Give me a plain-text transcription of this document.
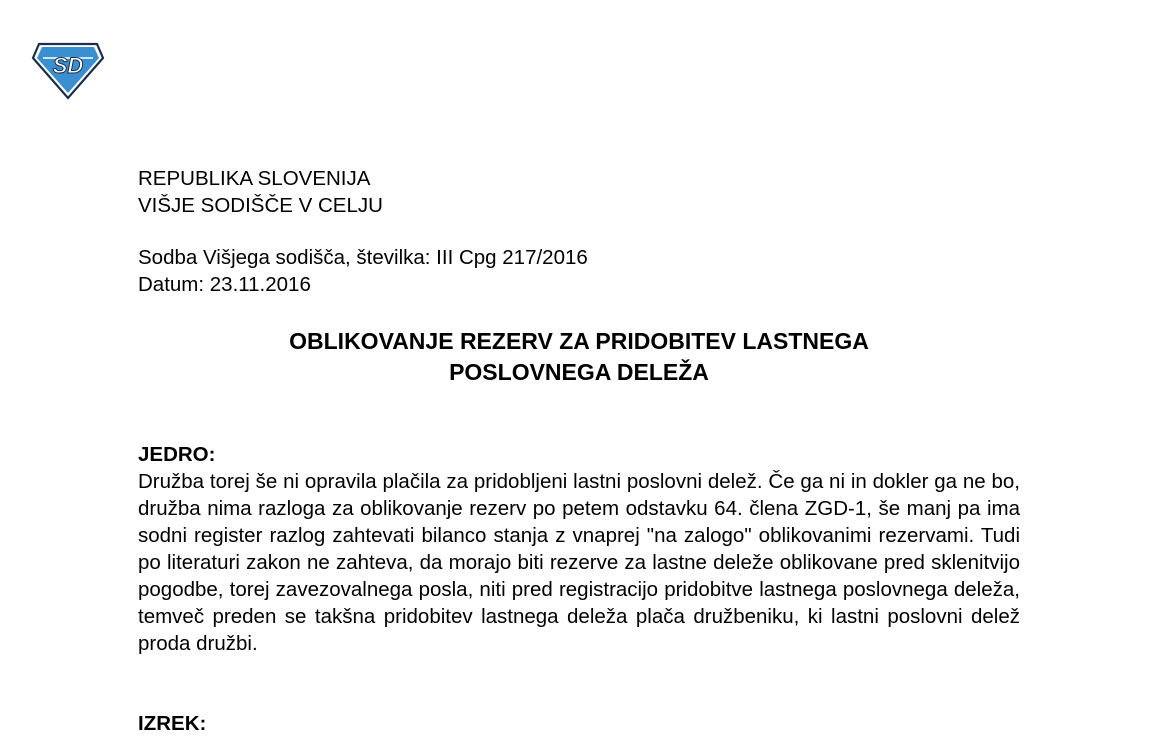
SD
REPUBLIKA SLOVENIJA
VIŠJE SODIŠČE V CELJU
Sodba Višjega sodišča, številka: III Cpg 217/2016
Datum: 23.11.2016
OBLIKOVANJE REZERV ZA PRIDOBITEV LASTNEGA
POSLOVNEGA DELEŽA
JEDRO:
Družba torej še ni opravila plačila za pridobljeni lastni poslovni delež. Če ga ni in dokler ga ne bo, družba nima razloga za oblikovanje rezerv po petem odstavku 64. člena ZGD-1, še manj pa ima sodni register razlog zahtevati bilanco stanja z vnaprej "na zalogo" oblikovanimi rezervami. Tudi po literaturi zakon ne zahteva, da morajo biti rezerve za lastne deleže oblikovane pred sklenitvijo pogodbe, torej zavezovalnega posla, niti pred registracijo pridobitve lastnega poslovnega deleža, temveč preden se takšna pridobitev lastnega deleža plača družbeniku, ki lastni poslovni delež proda družbi.
IZREK:
